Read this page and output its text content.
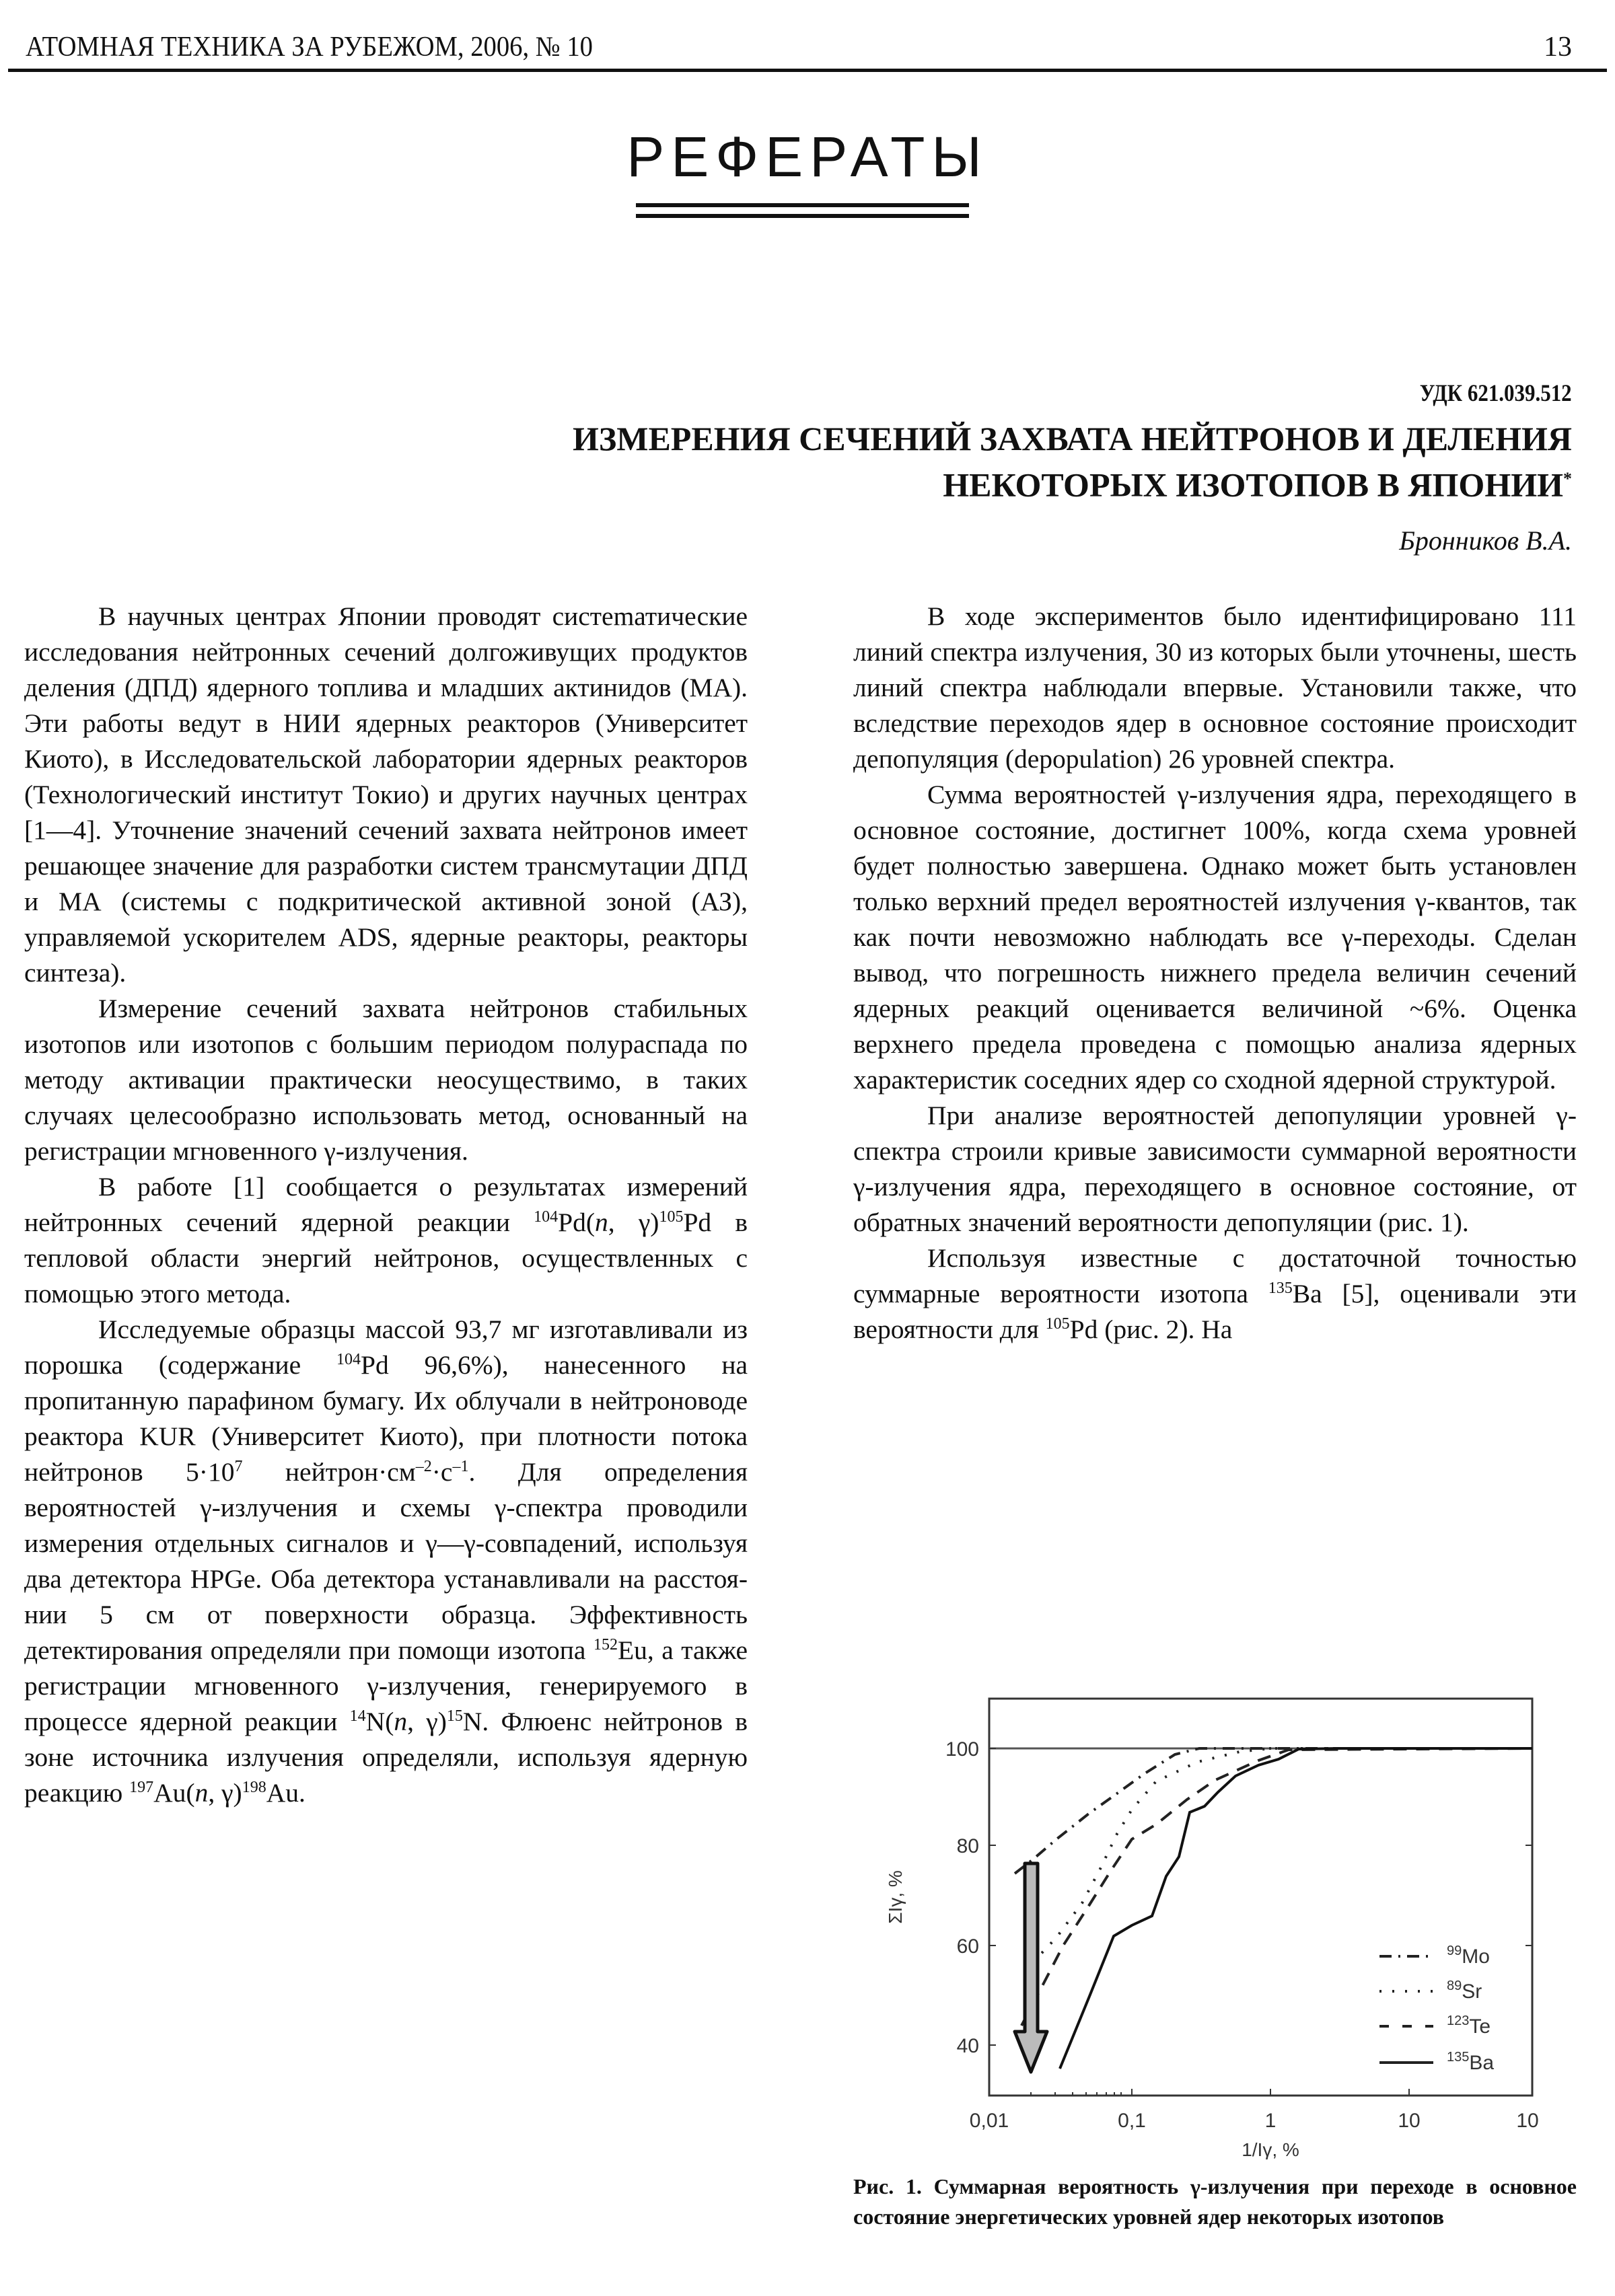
АТОМНАЯ ТЕХНИКА ЗА РУБЕЖОМ, 2006, № 10	13
РЕФЕРАТЫ
УДК 621.039.512
ИЗМЕРЕНИЯ СЕЧЕНИЙ ЗАХВАТА НЕЙТРОНОВ И ДЕЛЕНИЯ
НЕКОТОРЫХ ИЗОТОПОВ В ЯПОНИИ*
Бронников В.А.

В научных центрах Японии проводят систеmатические исследования нейтронных сечений долгоживущих продуктов деления (ДПД) ядерного топлива и младших актинидов (МА). Эти работы ведут в НИИ ядерных реакторов (Университет Киото), в Исследовательской лаборатории ядерных реакторов (Технологический институт Токио) и других научных центрах [1—4]. Уточнение значений сечений захвата нейтронов имеет решающее значение для разработки систем трансмутации ДПД и МА (системы с подкритической активной зоной (АЗ), управляемой ускорителем ADS, ядерные реакторы, реакторы синтеза).

Измерение сечений захвата нейтронов стабильных изотопов или изотопов с большим периодом полураспада по методу активации практически неосуществимо, в таких случаях целесообразно использовать метод, основанный на регистрации мгновенного γ-излучения.

В работе [1] сообщается о результатах измерений нейтронных сечений ядерной реакции $^{104}$Pd(n, γ)$^{105}$Pd в тепловой области энергий нейтронов, осуществленных с помощью этого метода.

Исследуемые образцы массой 93,7 мг изготавливали из порошка (содержание $^{104}$Pd 96,6%), нанесенного на пропитанную парафином бумагу. Их облучали в нейтроноводе реактора KUR (Университет Киото), при плотности потока нейтронов $5\cdot 10^7$ $нейтрон\cdot см^{-2}\cdot с^{-1}$. Для определения вероятностей γ-излучения и схемы γ-спектра проводили измерения отдельных сигналов и γ—γ-совпадений, используя два детектора HPGe. Оба детектора устанавливали на расстоянии 5 см от поверхности образца. Эффективность детектирования определяли при помощи изотопа $^{152}$Eu, а также регистрации мгновенного γ-излучения, генерируемого в процессе ядерной реакции $^{14}$N(n, γ)$^{15}$N. Флюенс нейтронов в зоне источника излучения определяли, используя ядерную реакцию $^{197}$Au(n, γ)$^{198}$Au.

В ходе экспериментов было идентифицировано 111 линий спектра излучения, 30 из которых были уточнены, шесть линий спектра наблюдали впервые. Установили также, что вследствие переходов ядер в основное состояние происходит депопуляция (depopulation) 26 уровней спектра.

Сумма вероятностей γ-излучения ядра, переходящего в основное состояние, достигнет 100%, когда схема уровней будет полностью завершена. Однако может быть установлен только верхний предел вероятностей излучения γ-квантов, так как почти невозможно наблюдать все γ-переходы. Сделан вывод, что погрешность нижнего предела величин сечений ядерных реакций оценивается величиной ~6%. Оценка верхнего предела проведена с помощью анализа ядерных характеристик соседних ядер со сходной ядерной структурой.

При анализе вероятностей депопуляции уровней γ-спектра строили кривые зависимости суммарной вероятности γ-излучения ядра, переходящего в основное состояние, от обратных значений вероятности депопуляции (рис. 1).

Используя известные с достаточной точностью суммарные вероятности изотопа $^{135}$Ba [5], оценивали эти вероятности для $^{105}$Pd (рис. 2). На

100
80
60
40
0,01	0,1	1	10	10
1/Iγ, %
ΣIγ, %
$^{99}$Mo
$^{89}$Sr
$^{123}$Te
$^{135}$Ba
Рис. 1. Суммарная вероятность γ-излучения при переходе в основное состояние энергетических уровней ядер некоторых изотопов
